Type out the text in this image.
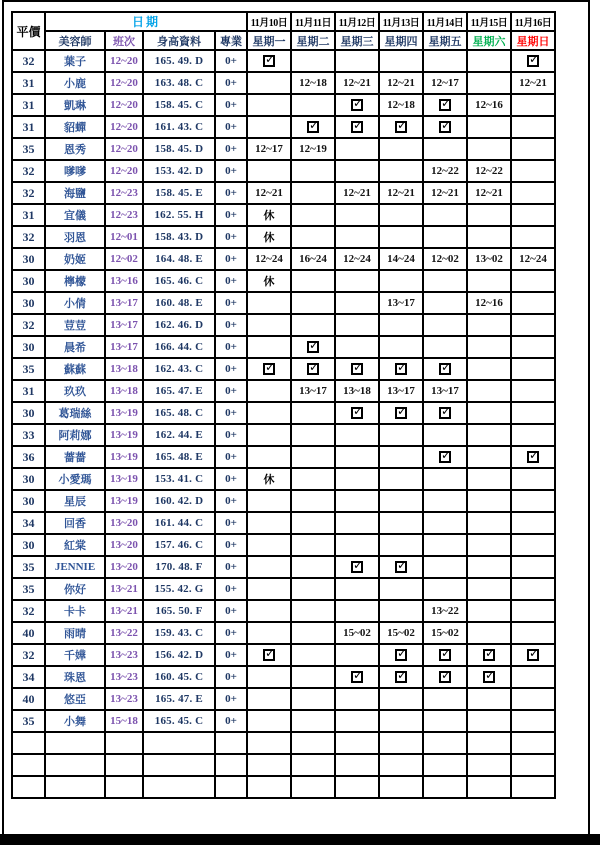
平價	日期				11月10日	11月11日	11月12日	11月13日	11月14日	11月15日	11月16日
	美容師	班次	身高資料	專業	星期一	星期二	星期三	星期四	星期五	星期六	星期日
32	葉子	12~20	165. 49. D	0+	✓						✓
31	小鹿	12~20	163. 48. C	0+		12~18	12~21	12~21	12~17		12~21
31	凱琳	12~20	158. 45. C	0+			✓	12~18	✓	12~16	
31	貂蟬	12~20	161. 43. C	0+		✓	✓	✓	✓		
35	恩秀	12~20	158. 45. D	0+	12~17	12~19					
32	嗲嗲	12~20	153. 42. D	0+					12~22	12~22	
32	海鹽	12~23	158. 45. E	0+	12~21		12~21	12~21	12~21	12~21	
31	宜儀	12~23	162. 55. H	0+	休						
32	羽恩	12~01	158. 43. D	0+	休						
30	奶姬	12~02	164. 48. E	0+	12~24	16~24	12~24	14~24	12~02	13~02	12~24
30	檸檬	13~16	165. 46. C	0+	休						
30	小倩	13~17	160. 48. E	0+				13~17		12~16	
32	荳荳	13~17	162. 46. D	0+							
30	晨希	13~17	166. 44. C	0+		✓					
35	蘇蘇	13~18	162. 43. C	0+	✓	✓	✓	✓	✓		
31	玖玖	13~18	165. 47. E	0+		13~17	13~18	13~17	13~17		
30	葛瑞絲	13~19	165. 48. C	0+			✓	✓	✓		
33	阿莉娜	13~19	162. 44. E	0+							
36	薔薔	13~19	165. 48. E	0+					✓		✓
30	小愛瑪	13~19	153. 41. C	0+	休						
30	星辰	13~19	160. 42. D	0+							
34	回香	13~20	161. 44. C	0+							
30	紅棠	13~20	157. 46. C	0+							
35	JENNIE	13~20	170. 48. F	0+			✓	✓			
35	你好	13~21	155. 42. G	0+							
32	卡卡	13~21	165. 50. F	0+					13~22		
40	雨晴	13~22	159. 43. C	0+			15~02	15~02	15~02		
32	千嬅	13~23	156. 42. D	0+	✓			✓	✓	✓	✓
34	珠恩	13~23	160. 45. C	0+			✓	✓	✓	✓	
40	悠亞	13~23	165. 47. E	0+							
35	小舞	15~18	165. 45. C	0+							
